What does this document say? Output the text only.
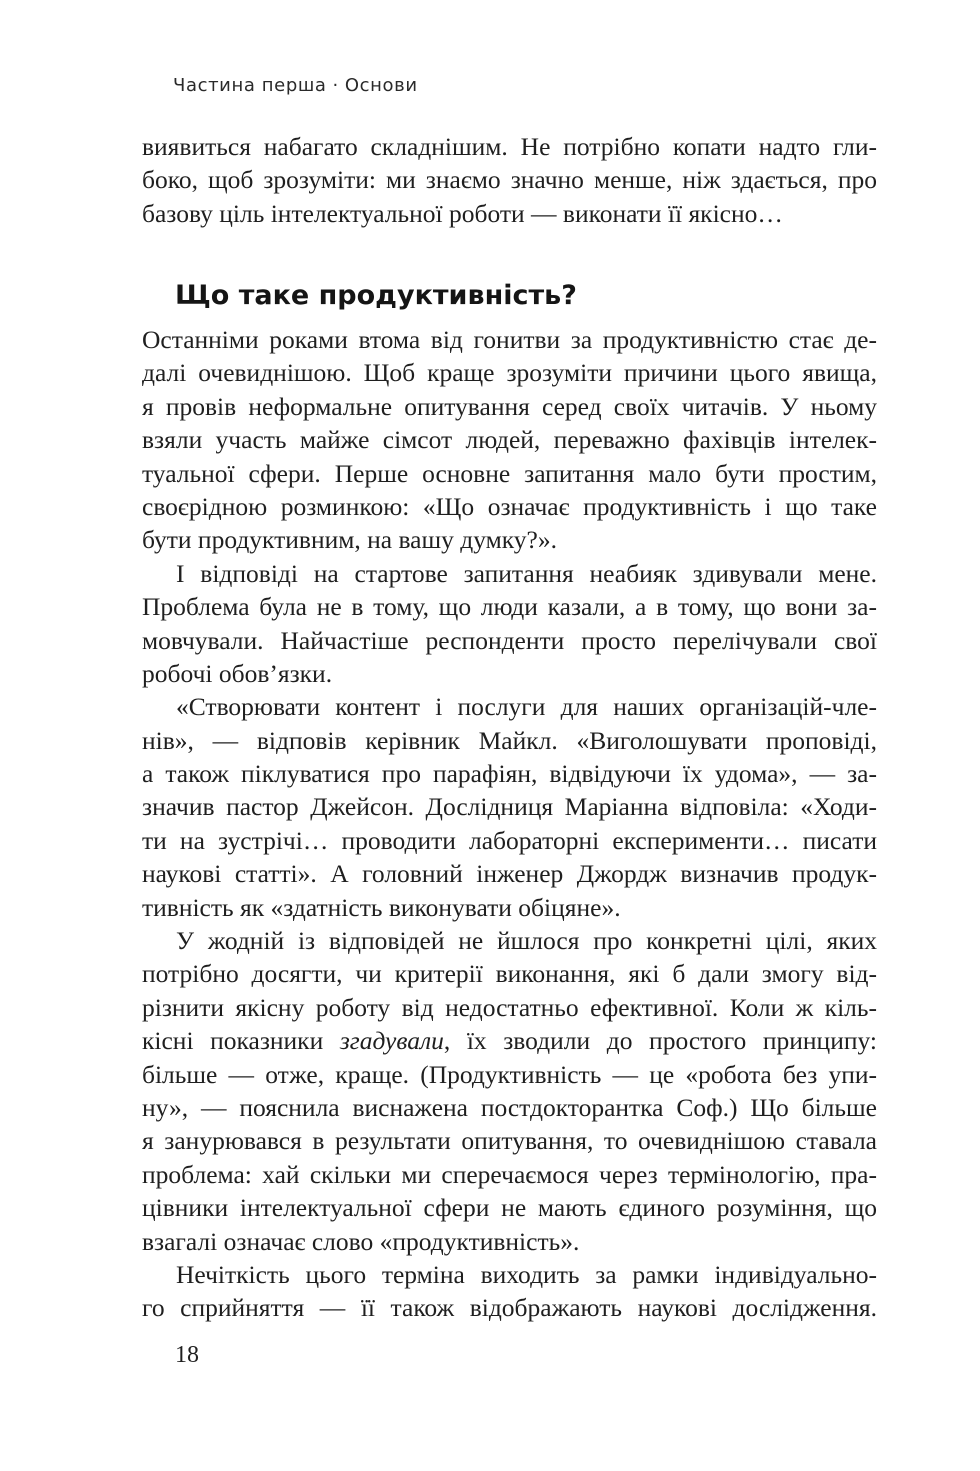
Частина перша · Основи
виявиться набагато складнішим. Не потрібно копати надто гли-
боко, щоб зрозуміти: ми знаємо значно менше, ніж здається, про
базову ціль інтелектуальної роботи — виконати її якісно…
Що таке продуктивність?
Останніми роками втома від гонитви за продуктивністю стає де-
далі очевиднішою. Щоб краще зрозуміти причини цього явища,
я провів неформальне опитування серед своїх читачів. У ньому
взяли участь майже сімсот людей, переважно фахівців інтелек-
туальної сфери. Перше основне запитання мало бути простим,
своєрідною розминкою: «Що означає продуктивність і що таке
бути продуктивним, на вашу думку?».
І відповіді на стартове запитання неабияк здивували мене.
Проблема була не в тому, що люди казали, а в тому, що вони за-
мовчували. Найчастіше респонденти просто перелічували свої
робочі обов’язки.
«Створювати контент і послуги для наших організацій-чле-
нів», — відповів керівник Майкл. «Виголошувати проповіді,
а також піклуватися про парафіян, відвідуючи їх удома», — за-
значив пастор Джейсон. Дослідниця Маріанна відповіла: «Ходи-
ти на зустрічі… проводити лабораторні експерименти… писати
наукові статті». А головний інженер Джордж визначив продук-
тивність як «здатність виконувати обіцяне».
У жодній із відповідей не йшлося про конкретні цілі, яких
потрібно досягти, чи критерії виконання, які б дали змогу від-
різнити якісну роботу від недостатньо ефективної. Коли ж кіль-
кісні показники згадували, їх зводили до простого принципу:
більше — отже, краще. (Продуктивність — це «робота без упи-
ну», — пояснила виснажена постдокторантка Соф.) Що більше
я занурювався в результати опитування, то очевиднішою ставала
проблема: хай скільки ми сперечаємося через термінологію, пра-
цівники інтелектуальної сфери не мають єдиного розуміння, що
взагалі означає слово «продуктивність».
Нечіткість цього терміна виходить за рамки індивідуально-
го сприйняття — її також відображають наукові дослідження.
18
